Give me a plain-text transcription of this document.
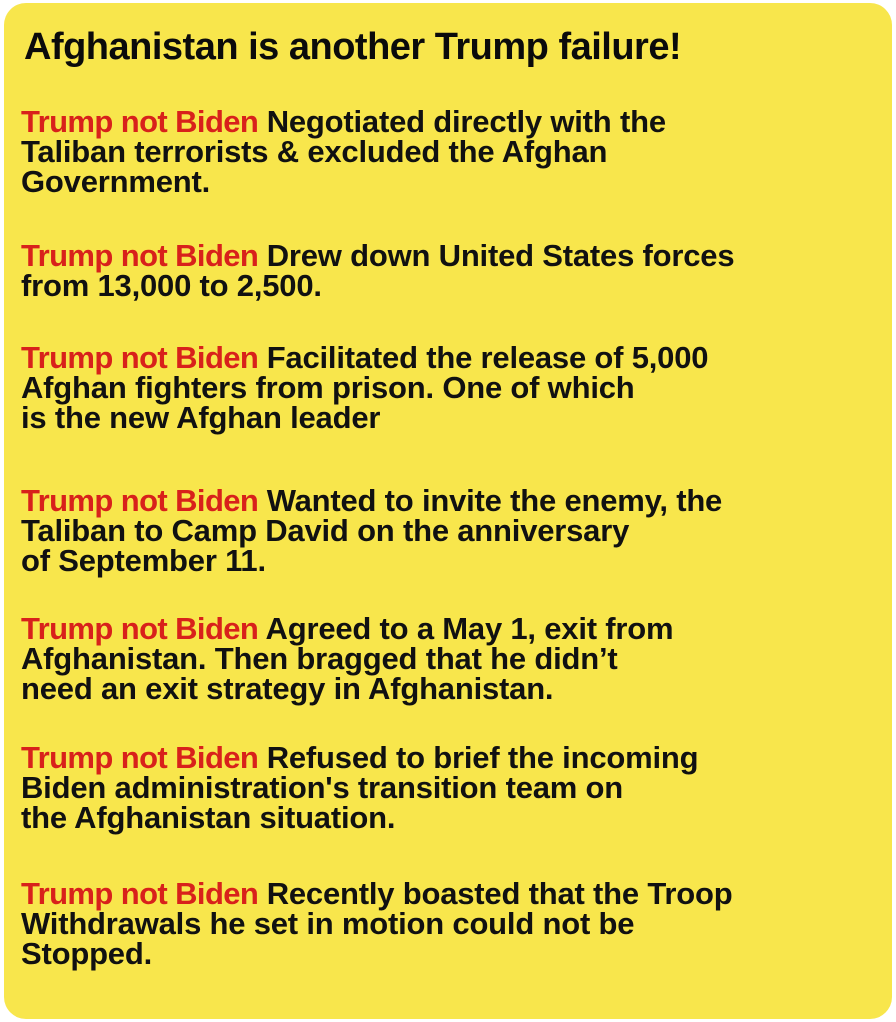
Afghanistan is another Trump failure!

Trump not Biden Negotiated directly with the
Taliban terrorists & excluded the Afghan
Government.

Trump not Biden Drew down United States forces
from 13,000 to 2,500.

Trump not Biden Facilitated the release of 5,000
Afghan fighters from prison. One of which
is the new Afghan leader

Trump not Biden Wanted to invite the enemy, the
Taliban to Camp David on the anniversary
of September 11.

Trump not Biden Agreed to a May 1, exit from
Afghanistan. Then bragged that he didn’t
need an exit strategy in Afghanistan.

Trump not Biden Refused to brief the incoming
Biden administration's transition team on
the Afghanistan situation.

Trump not Biden Recently boasted that the Troop
Withdrawals he set in motion could not be
Stopped.
